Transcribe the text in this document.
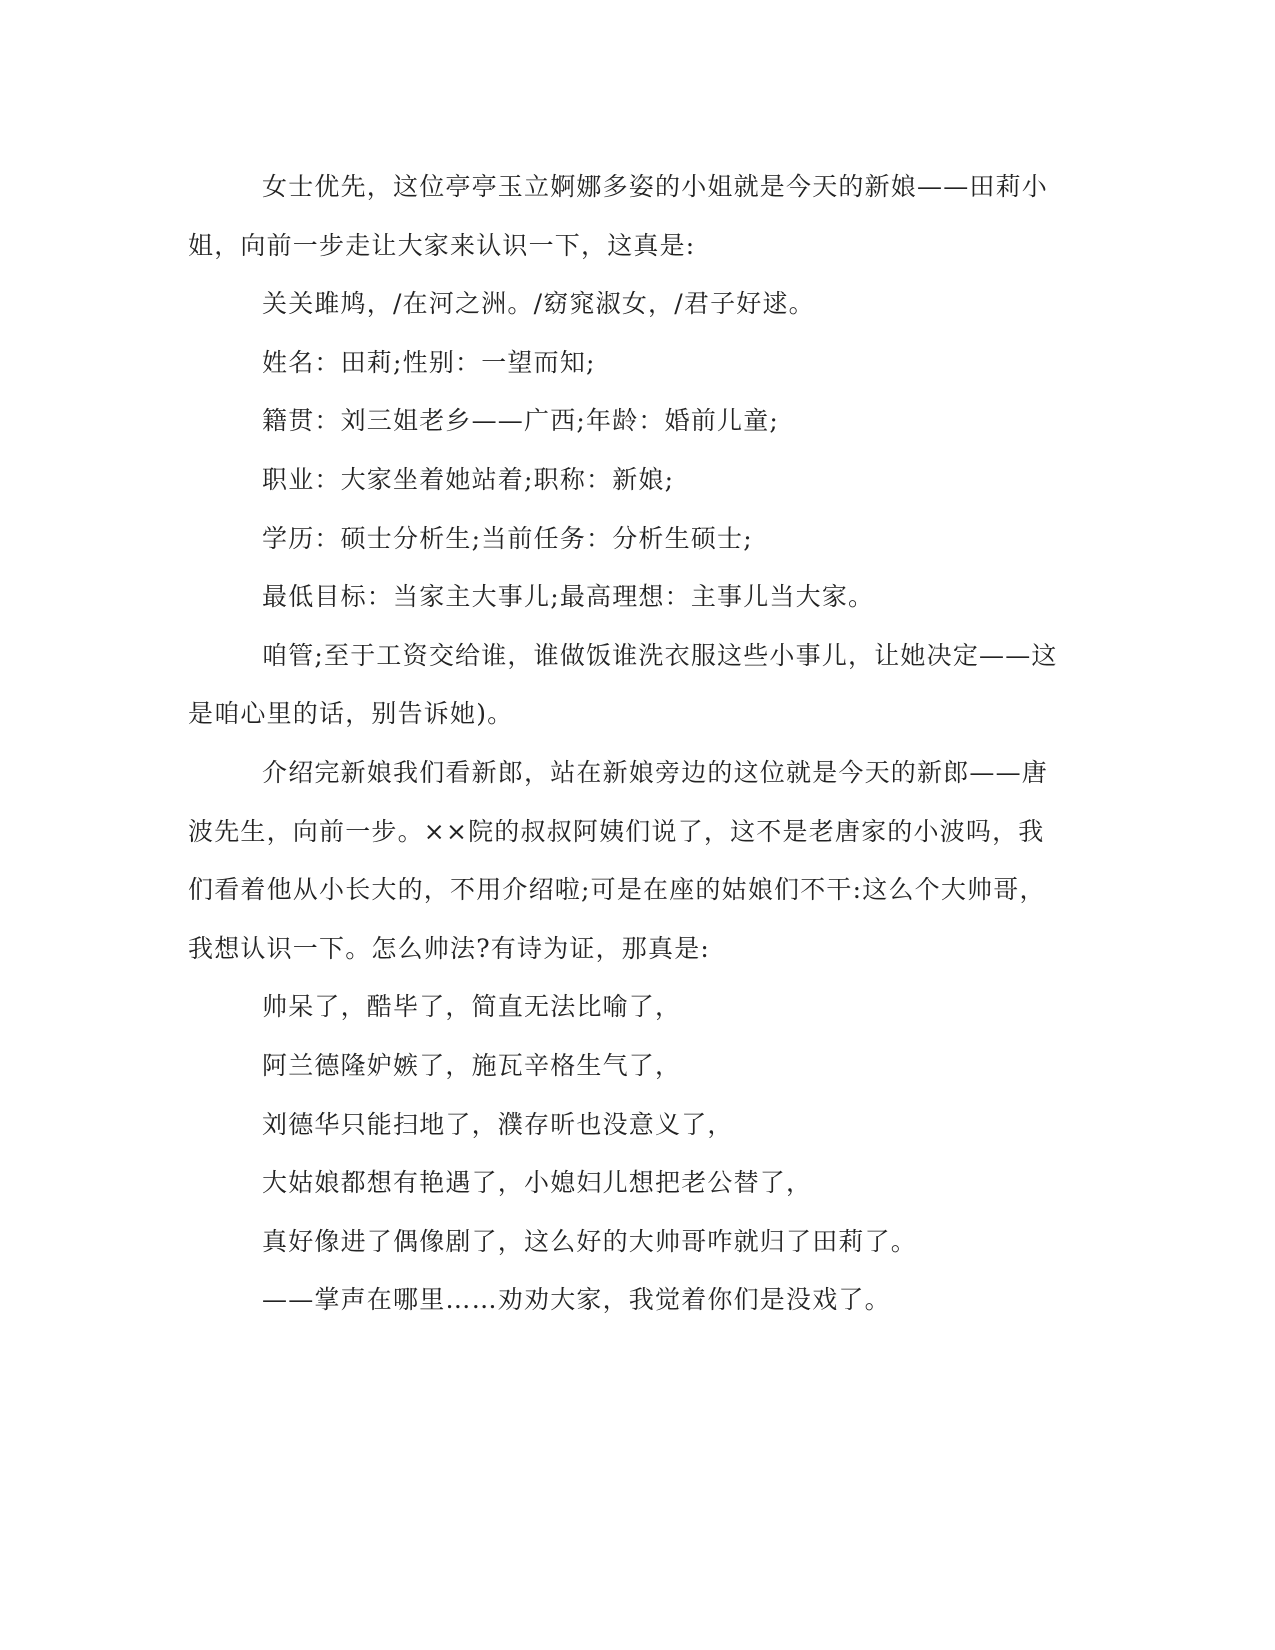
女士优先，这位亭亭玉立婀娜多姿的小姐就是今天的新娘——田莉小姐，向前一步走让大家来认识一下，这真是:

关关雎鸠，/在河之洲。/窈窕淑女，/君子好逑。

姓名：田莉;性别：一望而知;

籍贯：刘三姐老乡——广西;年龄：婚前儿童;

职业：大家坐着她站着;职称：新娘;

学历：硕士分析生;当前任务：分析生硕士;

最低目标：当家主大事儿;最高理想：主事儿当大家。

咱管;至于工资交给谁，谁做饭谁洗衣服这些小事儿，让她决定——这是咱心里的话，别告诉她)。

介绍完新娘我们看新郎，站在新娘旁边的这位就是今天的新郎——唐波先生，向前一步。××院的叔叔阿姨们说了，这不是老唐家的小波吗，我们看着他从小长大的，不用介绍啦;可是在座的姑娘们不干:这么个大帅哥，我想认识一下。怎么帅法?有诗为证，那真是:

帅呆了，酷毕了，简直无法比喻了，

阿兰德隆妒嫉了，施瓦辛格生气了，

刘德华只能扫地了，濮存昕也没意义了，

大姑娘都想有艳遇了，小媳妇儿想把老公替了，

真好像进了偶像剧了，这么好的大帅哥咋就归了田莉了。

——掌声在哪里……劝劝大家，我觉着你们是没戏了。
